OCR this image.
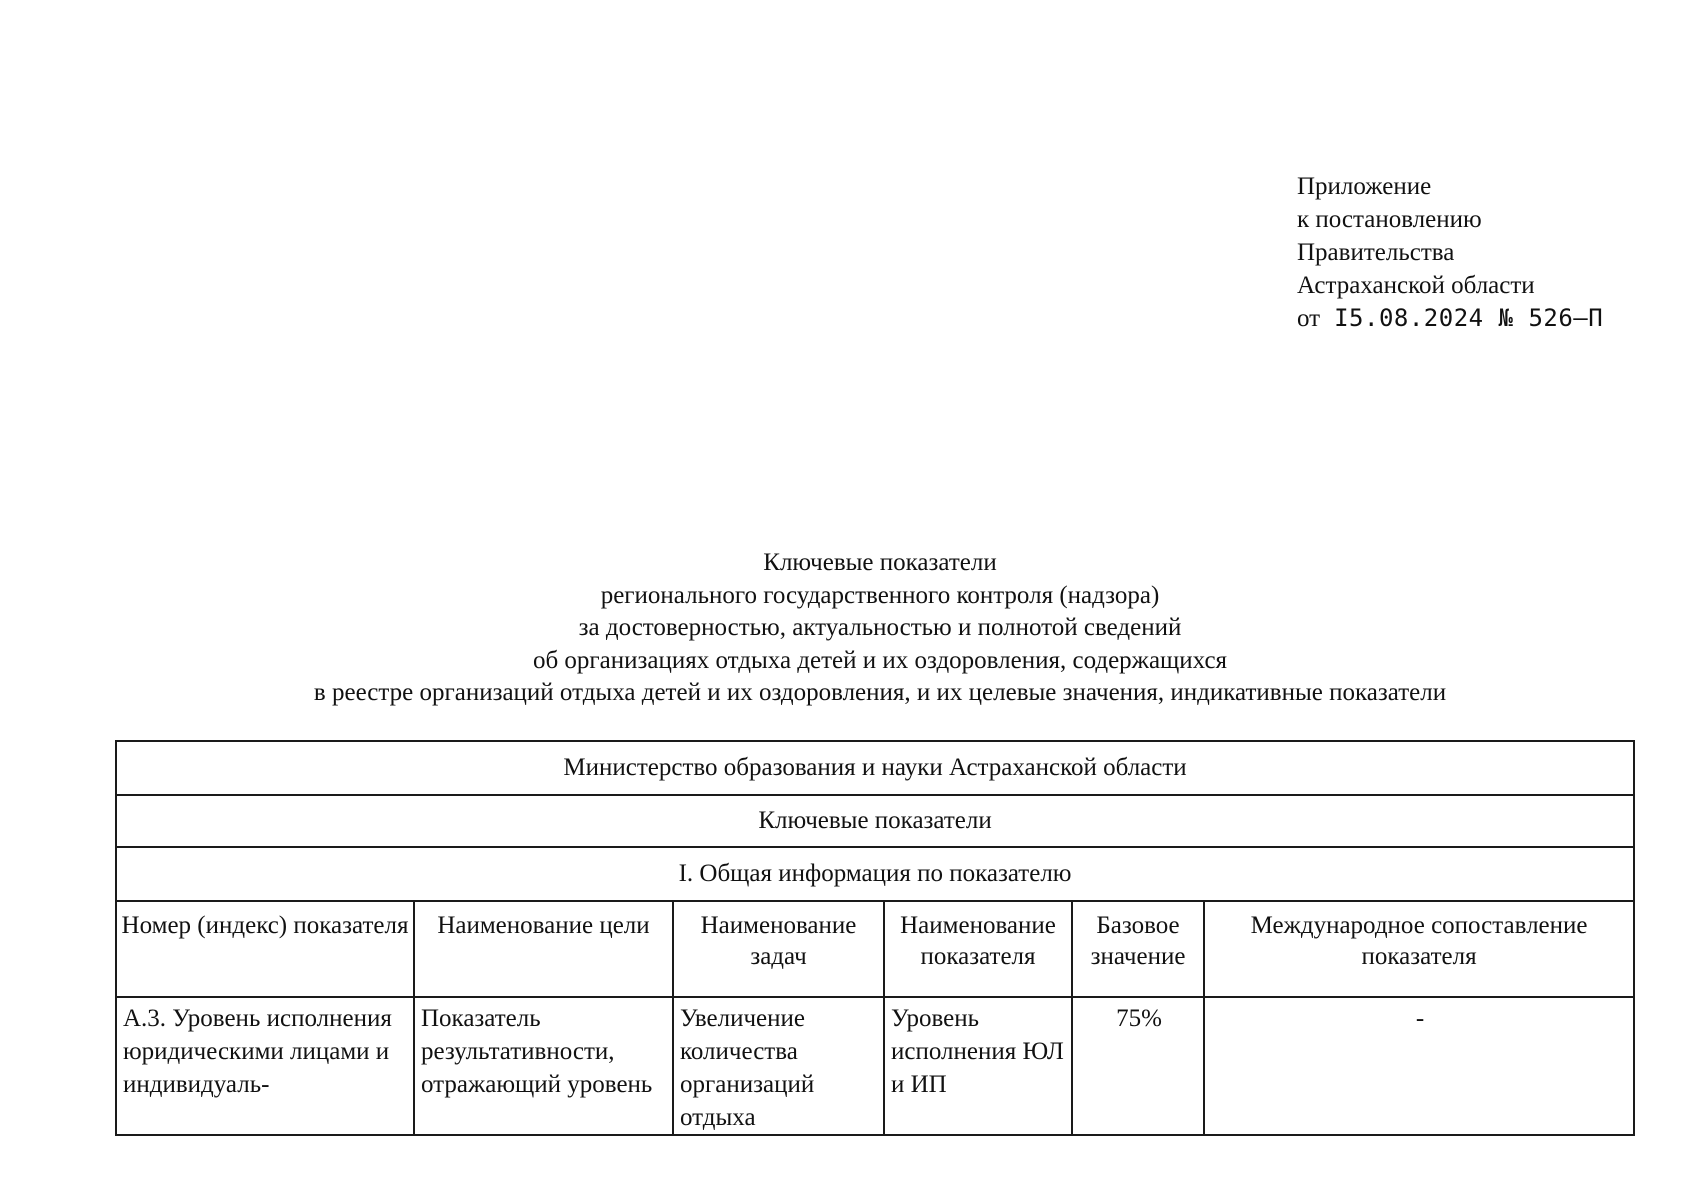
Приложение
к постановлению
Правительства
Астраханской области
от I5.08.2024 № 526–П
Ключевые показатели
регионального государственного контроля (надзора)
за достоверностью, актуальностью и полнотой сведений
об организациях отдыха детей и их оздоровления, содержащихся
в реестре организаций отдыха детей и их оздоровления, и их целевые значения, индикативные показатели
Министерство образования и науки Астраханской области					
Ключевые показатели					
I. Общая информация по показателю					
Номер (индекс) показателя	Наименование цели	Наименование задач	Наименование показателя	Базовое значение	Международное сопоставление показателя
А.3. Уровень исполнения юридическими лицами и индивидуаль-	Показатель результативности, отражающий уровень	Увеличение количества организаций отдыха	Уровень исполнения ЮЛ и ИП	75%	-
